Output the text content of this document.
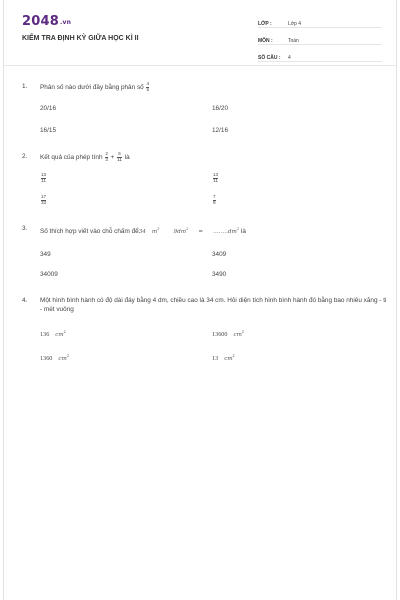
2048.vn
KIỂM TRA ĐỊNH KỲ GIỮA HỌC KÌ II
LỚP :	Lớp 4
MÔN :	Toán
SỐ CÂU :	4
1.	Phân số nào dưới đây bằng phân số $\frac{4}{5}$
20/16	16/20
16/15	12/16
2.	Kết quả của phép tính $\frac{2}{3} + \frac{5}{11}$ là
$\frac{13}{11}$	$\frac{13}{11}$
$\frac{17}{33}$	$\frac{7}{9}$
3.	Số thích hợp viết vào chỗ chấm để34 $m^29dm^2=$ $\dots\dots..dm^2$ là
349	3409
34009	3490
4.	Một hình bình hành có độ dài đáy bằng 4 dm, chiều cao là 34 cm. Hỏi diện tích hình bình hành đó bằng bao nhiêu xăng - ti - mét vuông
136 $cm^2$	13600 $cm^2$
1360 $cm^2$	13 $cm^2$
